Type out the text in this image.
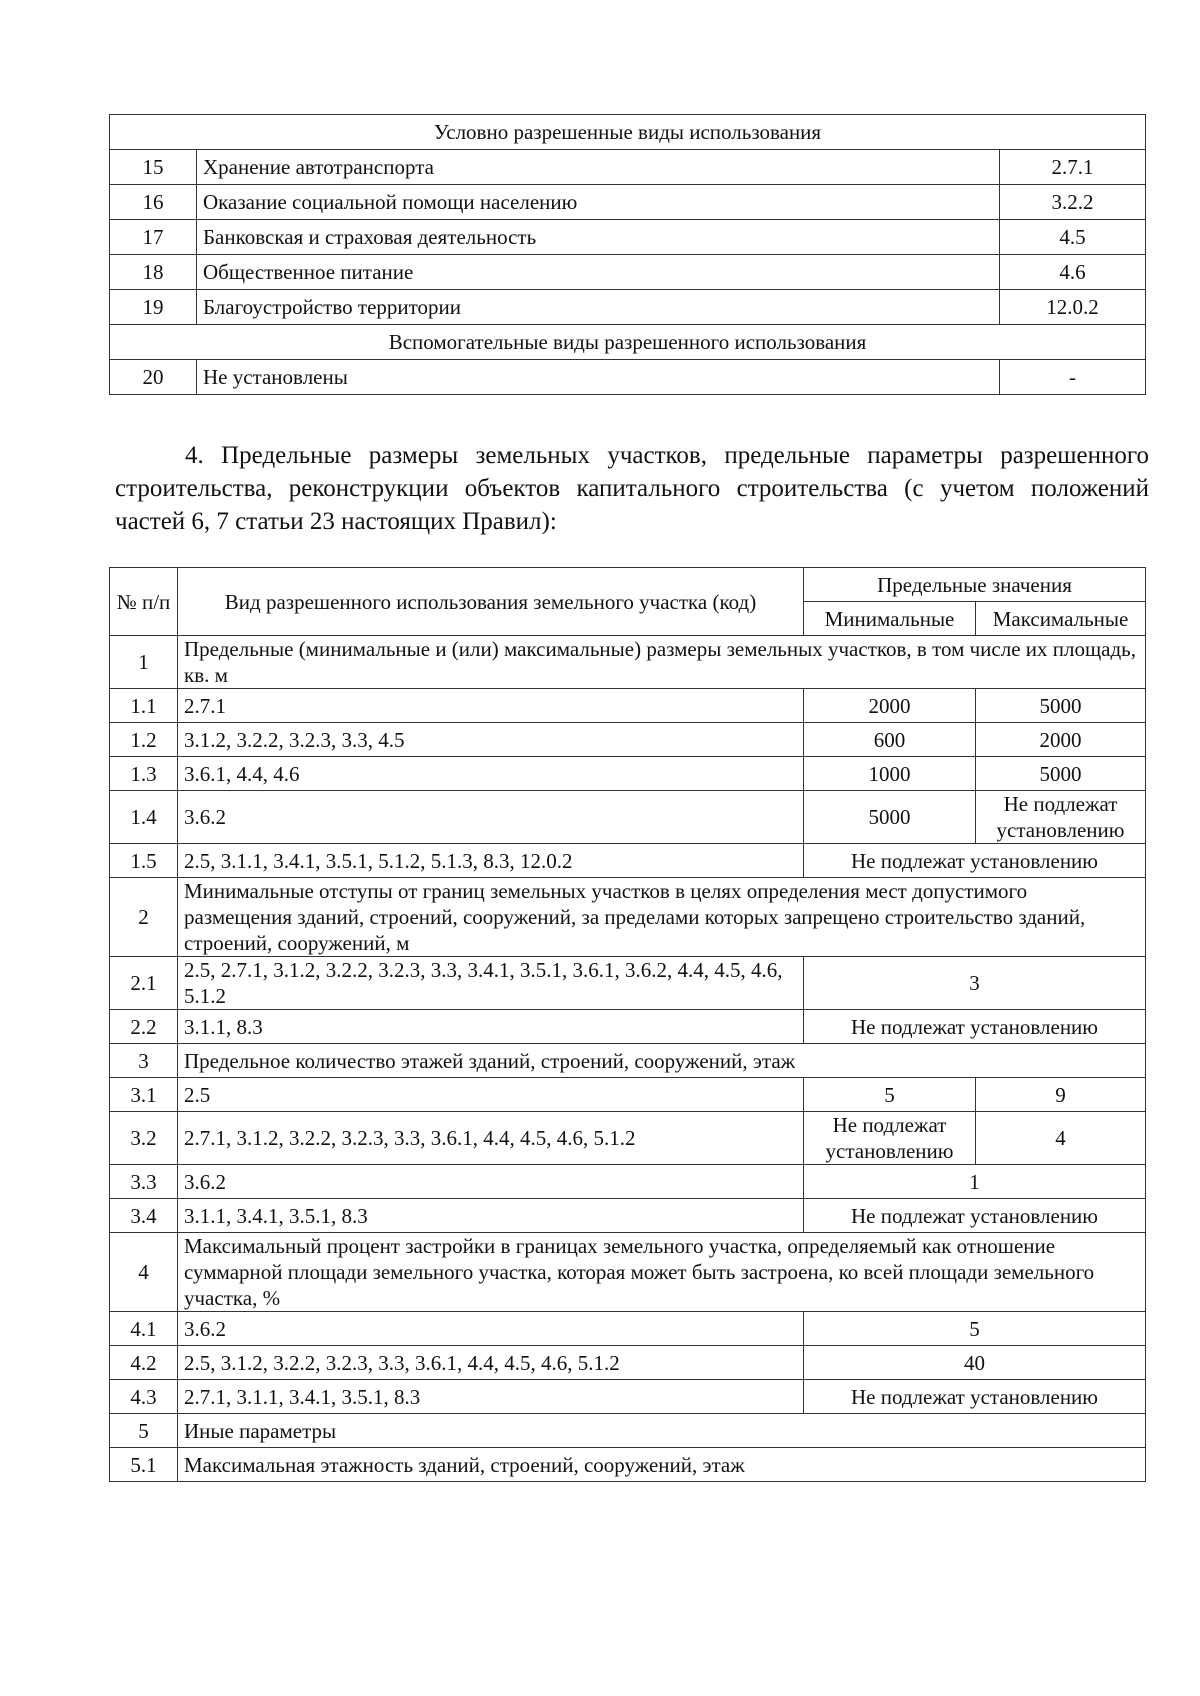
Условно разрешенные виды использования		
15	Хранение автотранспорта	2.7.1
16	Оказание социальной помощи населению	3.2.2
17	Банковская и страховая деятельность	4.5
18	Общественное питание	4.6
19	Благоустройство территории	12.0.2
Вспомогательные виды разрешенного использования		
20	Не установлены	-

4. Предельные размеры земельных участков, предельные параметры разрешенного строительства, реконструкции объектов капитального строительства (с учетом положений частей 6, 7 статьи 23 настоящих Правил):

№ п/п	Вид разрешенного использования земельного участка (код)	Предельные значения	
		Минимальные	Максимальные
1	Предельные (минимальные и (или) максимальные) размеры земельных участков, в том числе их площадь, кв. м		
1.1	2.7.1	2000	5000
1.2	3.1.2, 3.2.2, 3.2.3, 3.3, 4.5	600	2000
1.3	3.6.1, 4.4, 4.6	1000	5000
1.4	3.6.2	5000	Не подлежат установлению
1.5	2.5, 3.1.1, 3.4.1, 3.5.1, 5.1.2, 5.1.3, 8.3, 12.0.2	Не подлежат установлению	
2	Минимальные отступы от границ земельных участков в целях определения мест допустимого размещения зданий, строений, сооружений, за пределами которых запрещено строительство зданий, строений, сооружений, м		
2.1	2.5, 2.7.1, 3.1.2, 3.2.2, 3.2.3, 3.3, 3.4.1, 3.5.1, 3.6.1, 3.6.2, 4.4, 4.5, 4.6, 5.1.2	3	
2.2	3.1.1, 8.3	Не подлежат установлению	
3	Предельное количество этажей зданий, строений, сооружений, этаж		
3.1	2.5	5	9
3.2	2.7.1, 3.1.2, 3.2.2, 3.2.3, 3.3, 3.6.1, 4.4, 4.5, 4.6, 5.1.2	Не подлежат установлению	4
3.3	3.6.2	1	
3.4	3.1.1, 3.4.1, 3.5.1, 8.3	Не подлежат установлению	
4	Максимальный процент застройки в границах земельного участка, определяемый как отношение суммарной площади земельного участка, которая может быть застроена, ко всей площади земельного участка, %		
4.1	3.6.2	5	
4.2	2.5, 3.1.2, 3.2.2, 3.2.3, 3.3, 3.6.1, 4.4, 4.5, 4.6, 5.1.2	40	
4.3	2.7.1, 3.1.1, 3.4.1, 3.5.1, 8.3	Не подлежат установлению	
5	Иные параметры		
5.1	Максимальная этажность зданий, строений, сооружений, этаж		
